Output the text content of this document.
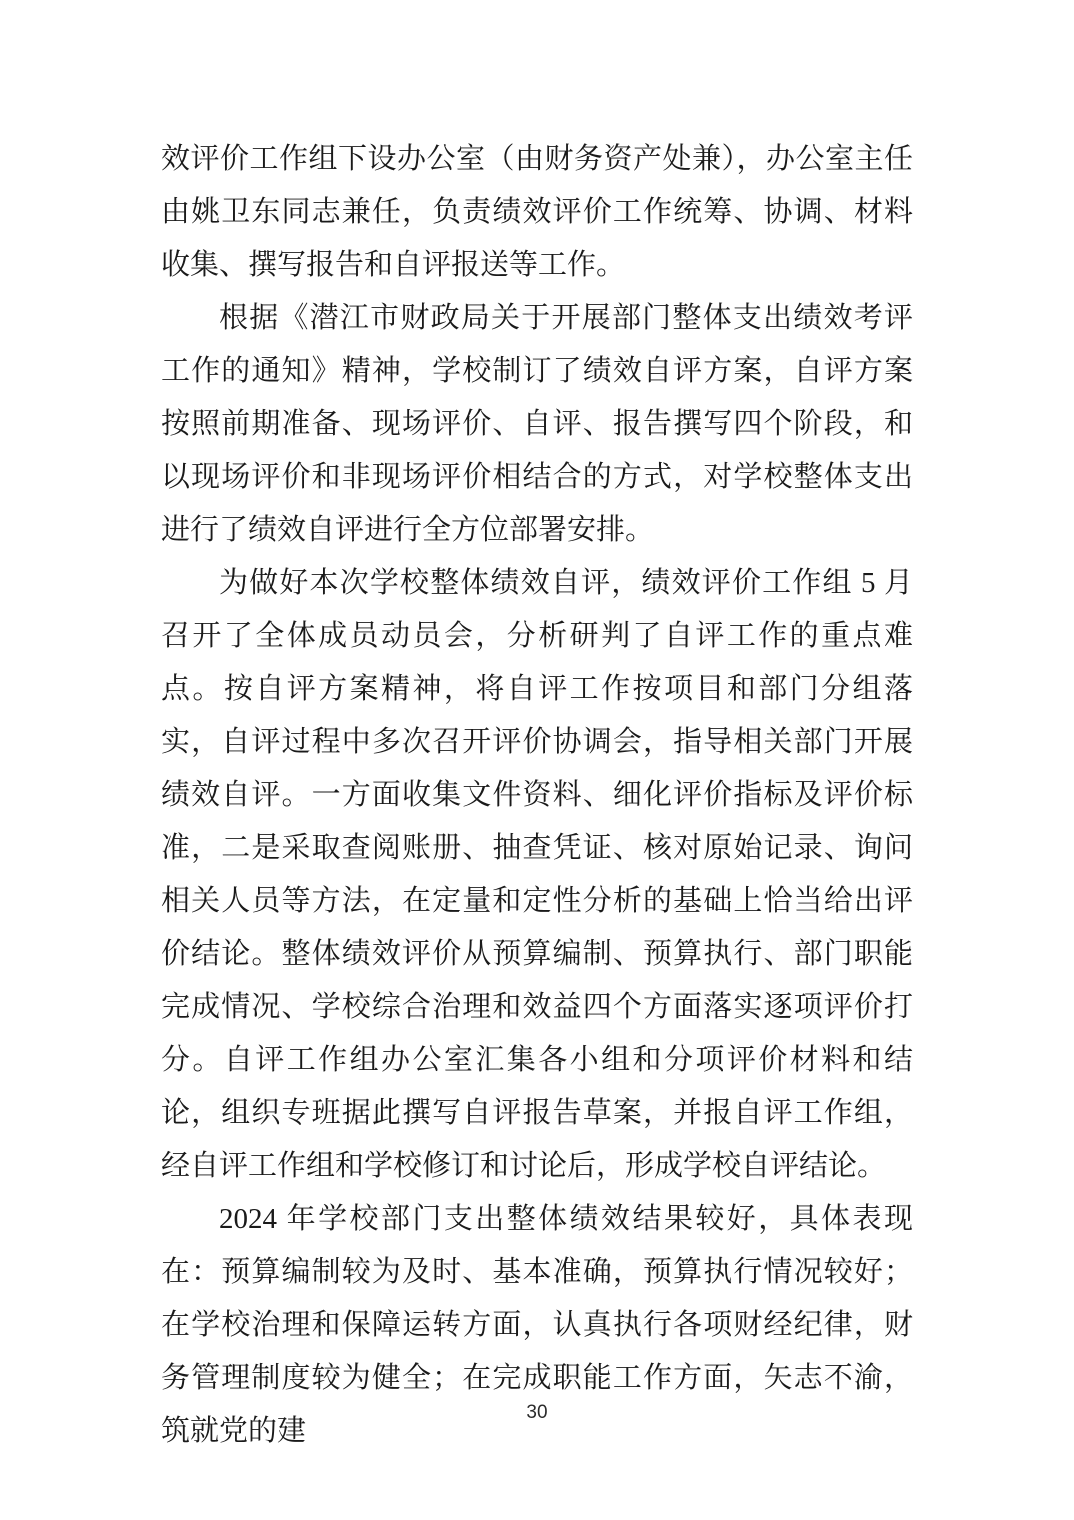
效评价工作组下设办公室（由财务资产处兼），办公室主任由姚卫东同志兼任，负责绩效评价工作统筹、协调、材料收集、撰写报告和自评报送等工作。

根据《潜江市财政局关于开展部门整体支出绩效考评工作的通知》精神，学校制订了绩效自评方案，自评方案按照前期准备、现场评价、自评、报告撰写四个阶段，和以现场评价和非现场评价相结合的方式，对学校整体支出进行了绩效自评进行全方位部署安排。

为做好本次学校整体绩效自评，绩效评价工作组 5 月召开了全体成员动员会，分析研判了自评工作的重点难点。按自评方案精神，将自评工作按项目和部门分组落实，自评过程中多次召开评价协调会，指导相关部门开展绩效自评。一方面收集文件资料、细化评价指标及评价标准，二是采取查阅账册、抽查凭证、核对原始记录、询问相关人员等方法，在定量和定性分析的基础上恰当给出评价结论。整体绩效评价从预算编制、预算执行、部门职能完成情况、学校综合治理和效益四个方面落实逐项评价打分。自评工作组办公室汇集各小组和分项评价材料和结论，组织专班据此撰写自评报告草案，并报自评工作组，经自评工作组和学校修订和讨论后，形成学校自评结论。

2024 年学校部门支出整体绩效结果较好，具体表现在：预算编制较为及时、基本准确，预算执行情况较好；在学校治理和保障运转方面，认真执行各项财经纪律，财务管理制度较为健全；在完成职能工作方面，矢志不渝，筑就党的建

30
